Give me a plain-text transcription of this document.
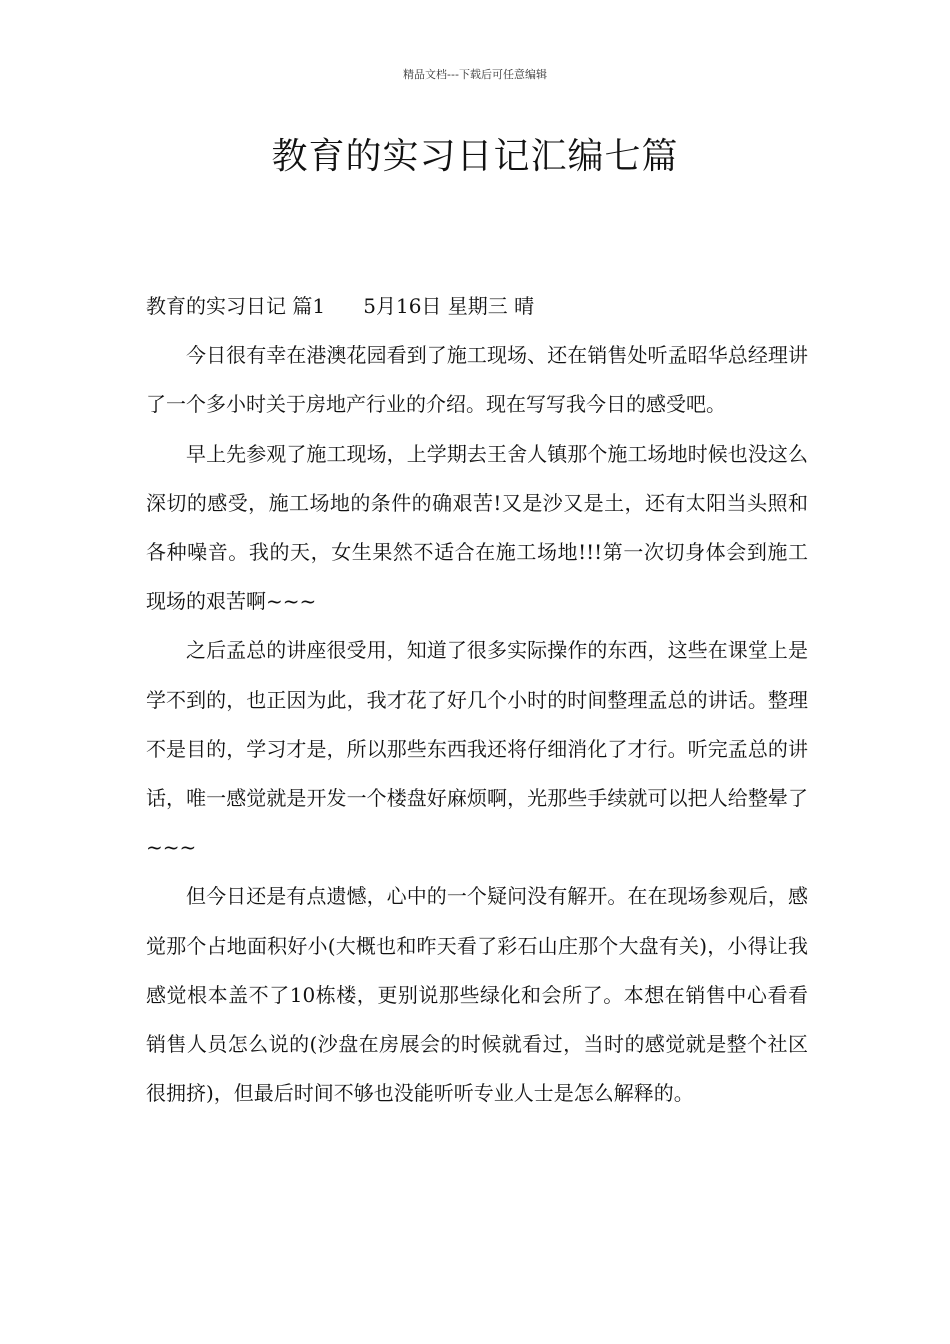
精品文档---下载后可任意编辑
教育的实习日记汇编七篇

教育的实习日记 篇1 5月16日 星期三 晴

今日很有幸在港澳花园看到了施工现场、还在销售处听孟昭华总经理讲了一个多小时关于房地产行业的介绍。现在写写我今日的感受吧。

早上先参观了施工现场，上学期去王舍人镇那个施工场地时候也没这么深切的感受，施工场地的条件的确艰苦!又是沙又是土，还有太阳当头照和各种噪音。我的天，女生果然不适合在施工场地!!!第一次切身体会到施工现场的艰苦啊~~~

之后孟总的讲座很受用，知道了很多实际操作的东西，这些在课堂上是学不到的，也正因为此，我才花了好几个小时的时间整理孟总的讲话。整理不是目的，学习才是，所以那些东西我还将仔细消化了才行。听完孟总的讲话，唯一感觉就是开发一个楼盘好麻烦啊，光那些手续就可以把人给整晕了~~~

但今日还是有点遗憾，心中的一个疑问没有解开。在在现场参观后，感觉那个占地面积好小(大概也和昨天看了彩石山庄那个大盘有关)，小得让我感觉根本盖不了10栋楼，更别说那些绿化和会所了。本想在销售中心看看销售人员怎么说的(沙盘在房展会的时候就看过，当时的感觉就是整个社区很拥挤)，但最后时间不够也没能听听专业人士是怎么解释的。
